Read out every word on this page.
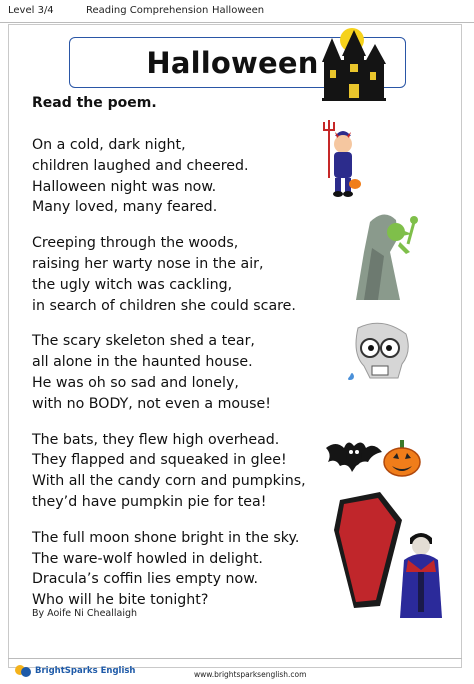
Level 3/4	Reading Comprehension Halloween
Halloween
Read the poem.
On a cold, dark night,
children laughed and cheered.
Halloween night was now.
Many loved, many feared.
Creeping through the woods,
raising her warty nose in the air,
the ugly witch was cackling,
in search of children she could scare.
The scary skeleton shed a tear,
all alone in the haunted house.
He was oh so sad and lonely,
with no BODY, not even a mouse!
The bats, they flew high overhead.
They flapped and squeaked in glee!
With all the candy corn and pumpkins,
they’d have pumpkin pie for tea!
The full moon shone bright in the sky.
The ware-wolf howled in delight.
Dracula’s coffin lies empty now.
Who will he bite tonight?
By Aoife Ni Cheallaigh
BrightSparks English	www.brightsparksenglish.com
